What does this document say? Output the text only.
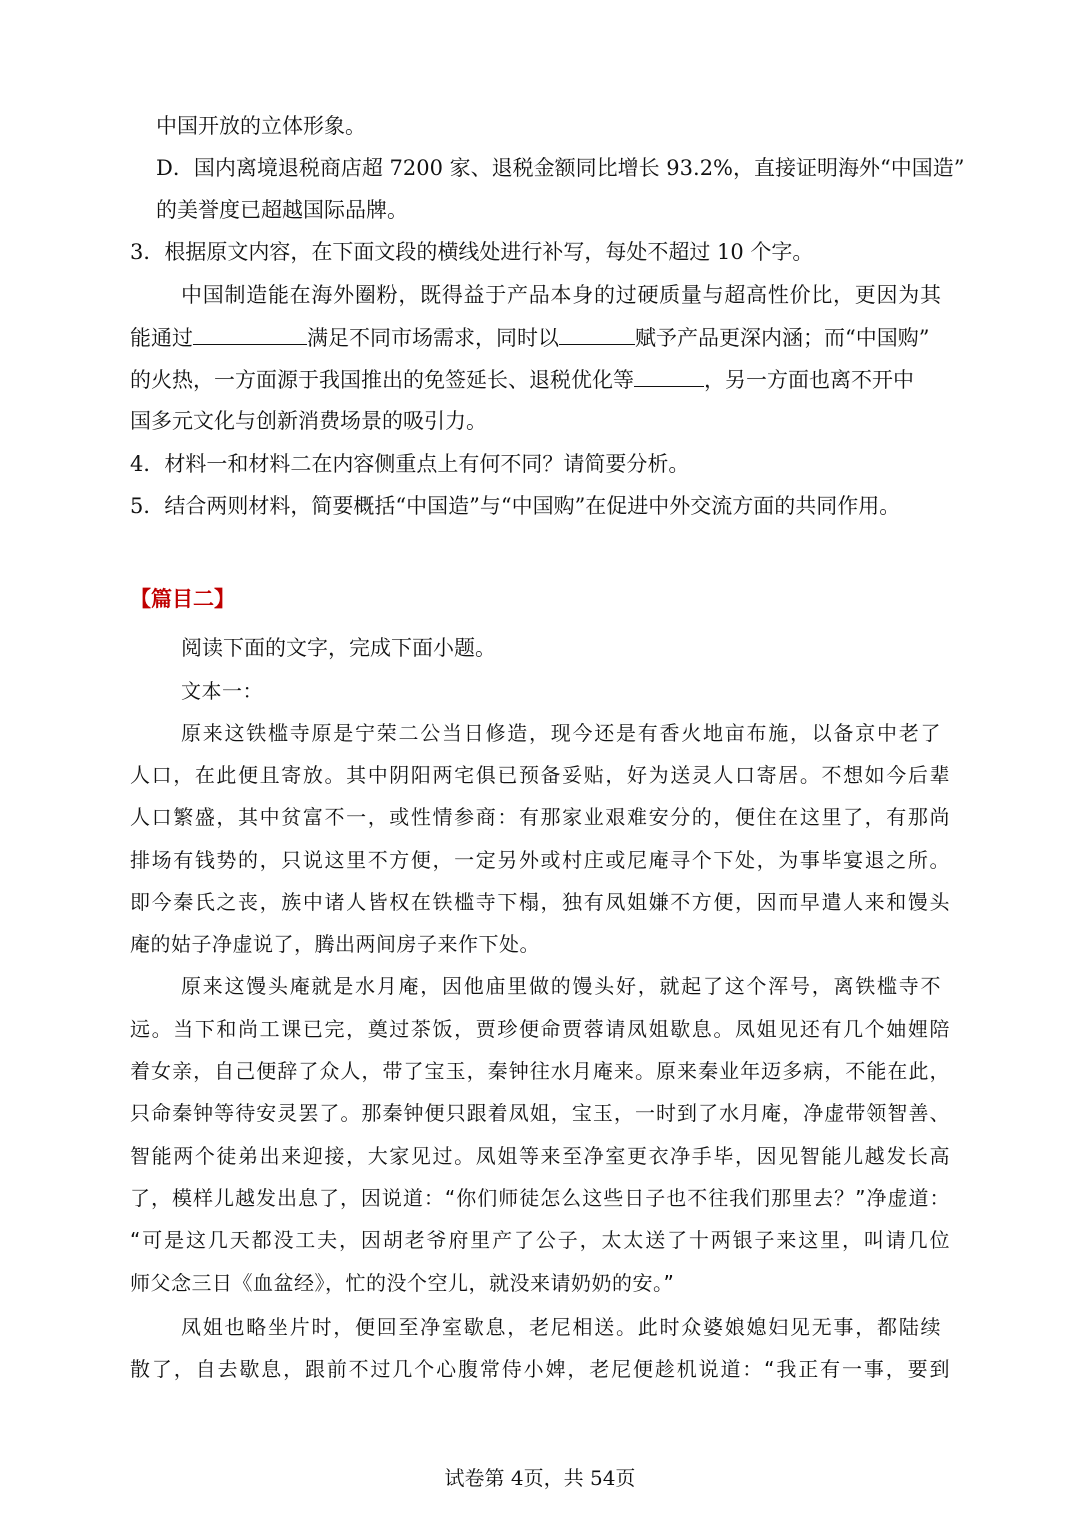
中国开放的立体形象。
D．国内离境退税商店超 7200 家、退税金额同比增长 93.2%，直接证明海外“中国造”
的美誉度已超越国际品牌。
3．根据原文内容，在下面文段的横线处进行补写，每处不超过 10 个字。
中国制造能在海外圈粉，既得益于产品本身的过硬质量与超高性价比，更因为其
能通过	满足不同市场需求，同时以	赋予产品更深内涵；而“中国购”
的火热，一方面源于我国推出的免签延长、退税优化等	，另一方面也离不开中
国多元文化与创新消费场景的吸引力。
4．材料一和材料二在内容侧重点上有何不同？请简要分析。
5．结合两则材料，简要概括“中国造”与“中国购”在促进中外交流方面的共同作用。
【篇目二】
阅读下面的文字，完成下面小题。
文本一：
原来这铁槛寺原是宁荣二公当日修造，现今还是有香火地亩布施，以备京中老了
人口，在此便且寄放。其中阴阳两宅俱已预备妥贴，好为送灵人口寄居。不想如今后辈
人口繁盛，其中贫富不一，或性情参商：有那家业艰难安分的，便住在这里了，有那尚
排场有钱势的，只说这里不方便，一定另外或村庄或尼庵寻个下处，为事毕宴退之所。
即今秦氏之丧，族中诸人皆权在铁槛寺下榻，独有凤姐嫌不方便，因而早遣人来和馒头
庵的姑子净虚说了，腾出两间房子来作下处。
原来这馒头庵就是水月庵，因他庙里做的馒头好，就起了这个浑号，离铁槛寺不
远。当下和尚工课已完，奠过茶饭，贾珍便命贾蓉请凤姐歇息。凤姐见还有几个妯娌陪
着女亲，自己便辞了众人，带了宝玉，秦钟往水月庵来。原来秦业年迈多病，不能在此，
只命秦钟等待安灵罢了。那秦钟便只跟着凤姐，宝玉，一时到了水月庵，净虚带领智善、
智能两个徒弟出来迎接，大家见过。凤姐等来至净室更衣净手毕，因见智能儿越发长高
了，模样儿越发出息了，因说道：“你们师徒怎么这些日子也不往我们那里去？”净虚道：
“可是这几天都没工夫，因胡老爷府里产了公子，太太送了十两银子来这里，叫请几位
师父念三日《血盆经》，忙的没个空儿，就没来请奶奶的安。”
凤姐也略坐片时，便回至净室歇息，老尼相送。此时众婆娘媳妇见无事，都陆续
散了，自去歇息，跟前不过几个心腹常侍小婢，老尼便趁机说道：“我正有一事，要到
试卷第 4页，共 54页
